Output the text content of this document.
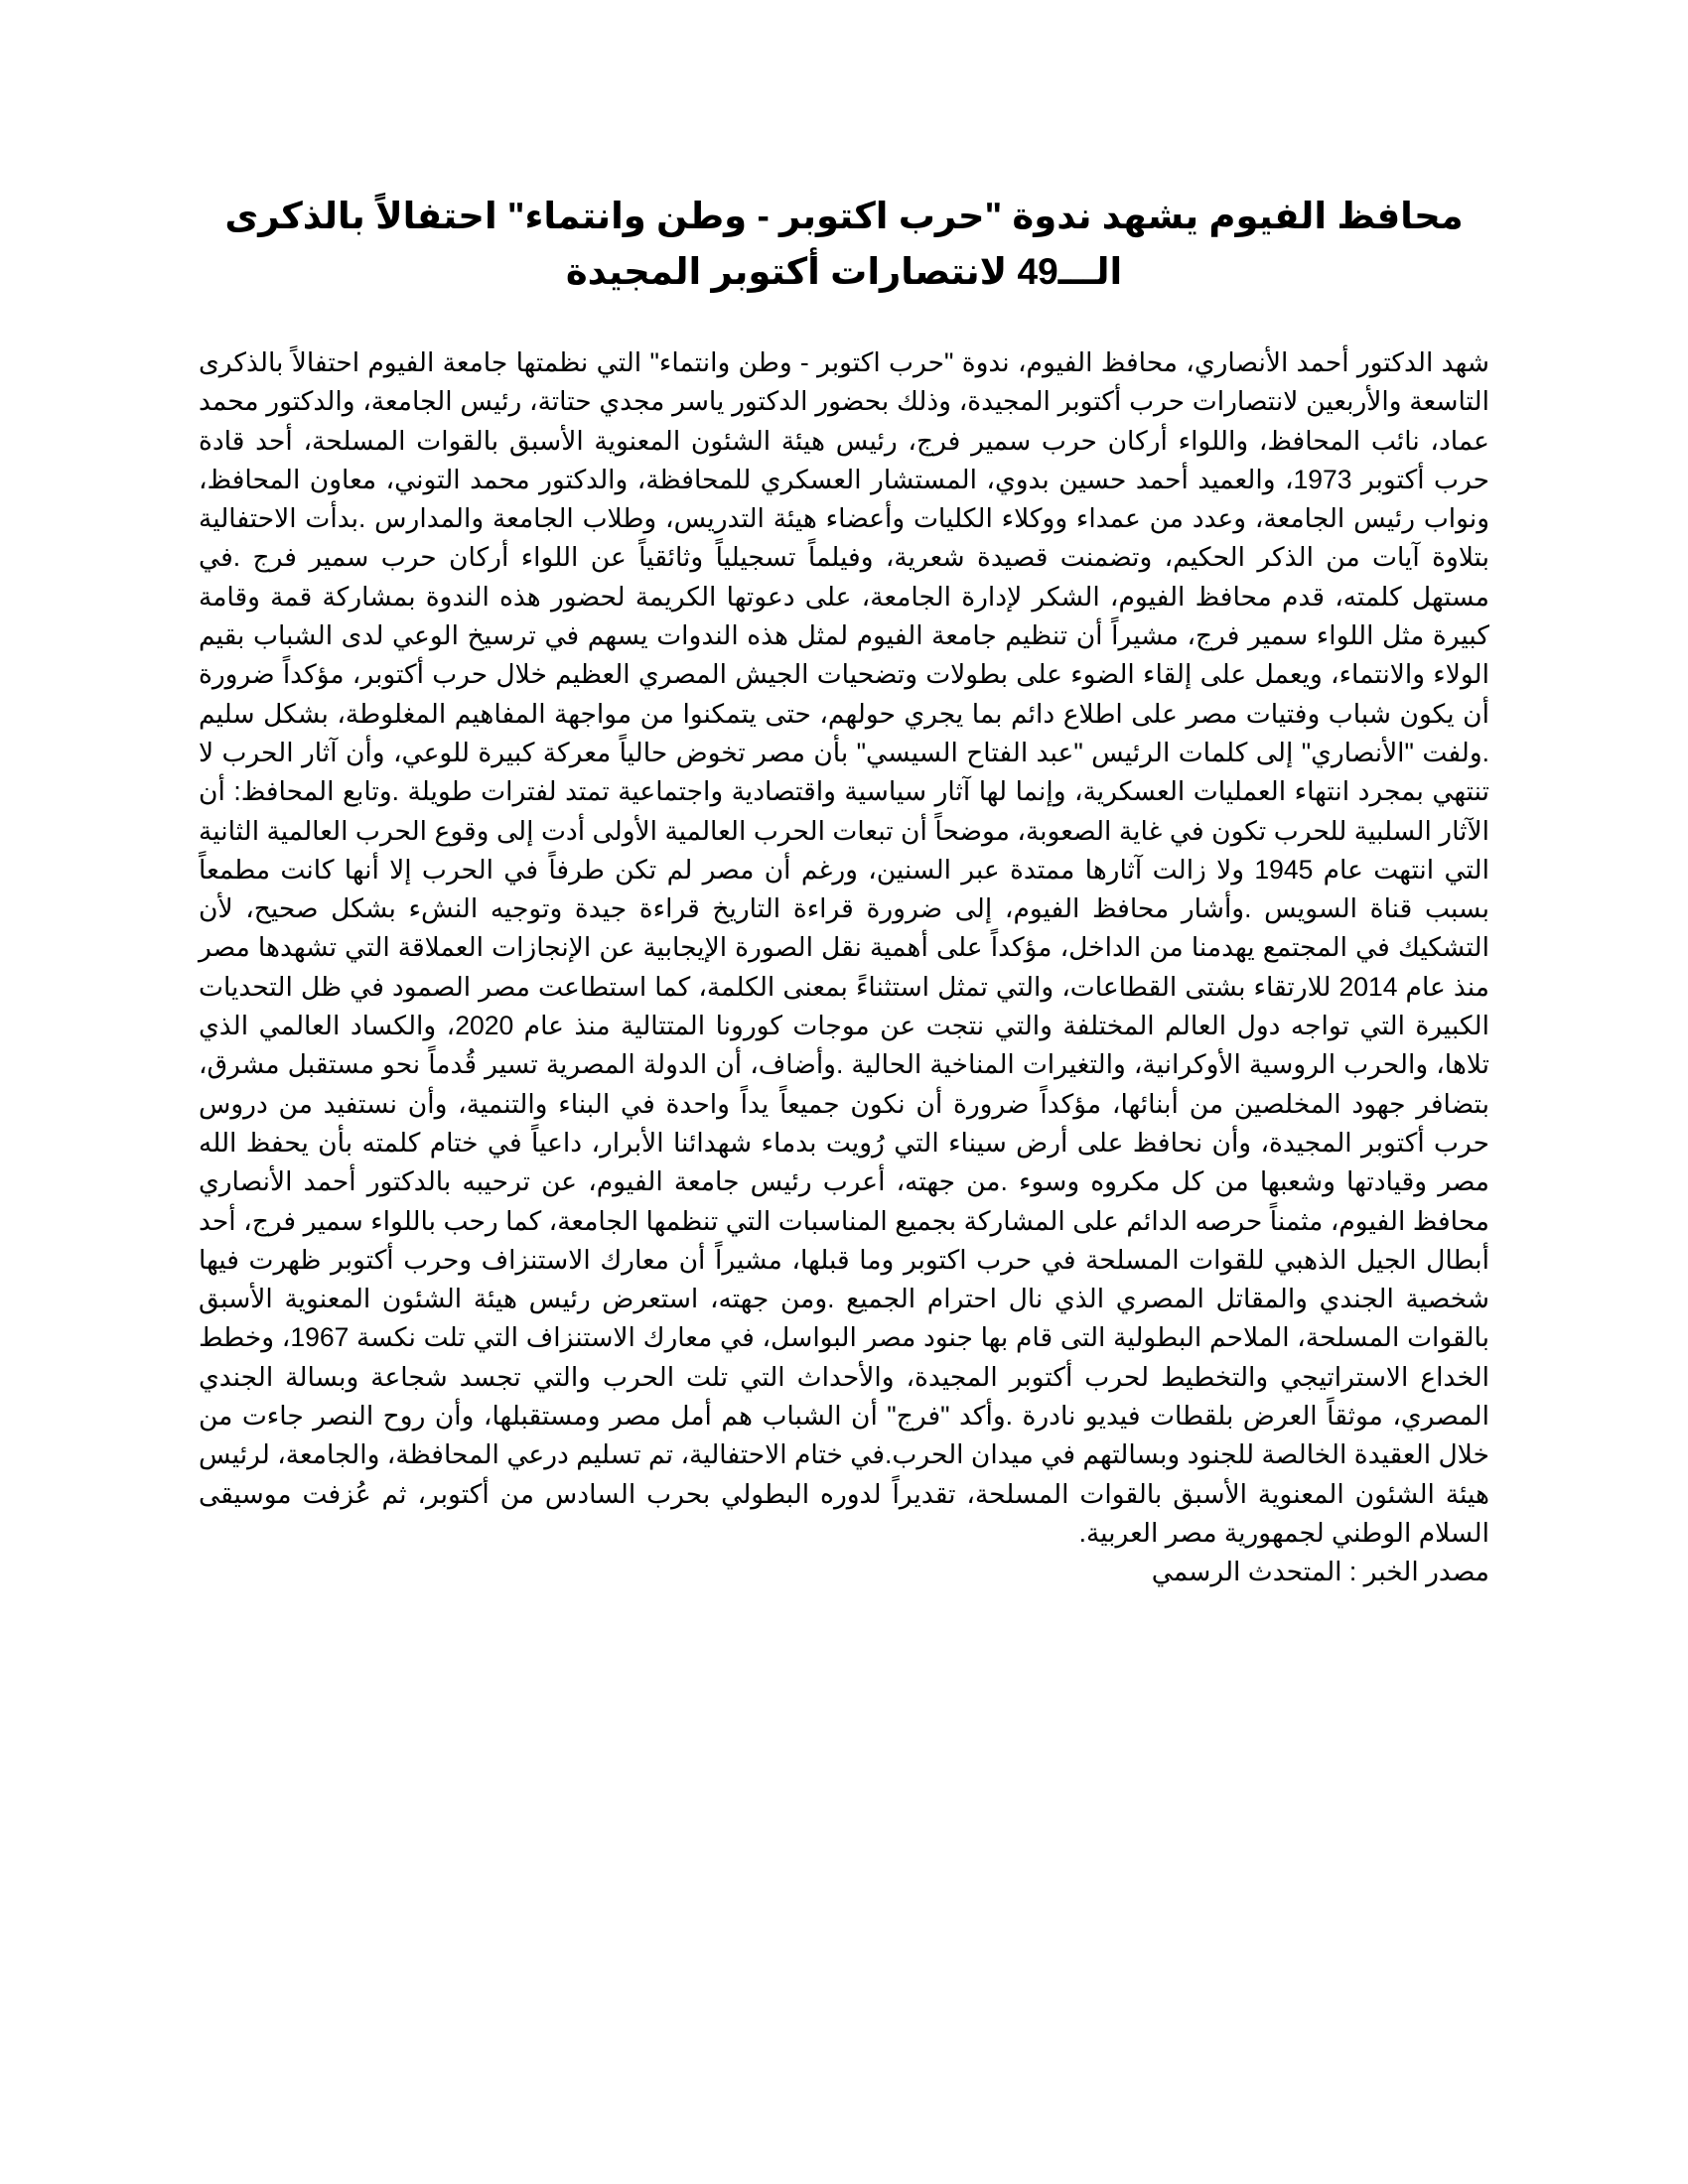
محافظ الفيوم يشهد ندوة "حرب اكتوبر - وطن وانتماء" احتفالاً بالذكرى الـــ49 لانتصارات أكتوبر المجيدة

شهد الدكتور أحمد الأنصاري، محافظ الفيوم، ندوة "حرب اكتوبر - وطن وانتماء" التي نظمتها جامعة الفيوم احتفالاً بالذكرى التاسعة والأربعين لانتصارات حرب أكتوبر المجيدة، وذلك بحضور الدكتور ياسر مجدي حتاتة، رئيس الجامعة، والدكتور محمد عماد، نائب المحافظ، واللواء أركان حرب سمير فرج، رئيس هيئة الشئون المعنوية الأسبق بالقوات المسلحة، أحد قادة حرب أكتوبر 1973، والعميد أحمد حسين بدوي، المستشار العسكري للمحافظة، والدكتور محمد التوني، معاون المحافظ، ونواب رئيس الجامعة، وعدد من عمداء ووكلاء الكليات وأعضاء هيئة التدريس، وطلاب الجامعة والمدارس .بدأت الاحتفالية بتلاوة آيات من الذكر الحكيم، وتضمنت قصيدة شعرية، وفيلماً تسجيلياً وثائقياً عن اللواء أركان حرب سمير فرج .في مستهل كلمته، قدم محافظ الفيوم، الشكر لإدارة الجامعة، على دعوتها الكريمة لحضور هذه الندوة بمشاركة قمة وقامة كبيرة مثل اللواء سمير فرج، مشيراً أن تنظيم جامعة الفيوم لمثل هذه الندوات يسهم في ترسيخ الوعي لدى الشباب بقيم الولاء والانتماء، ويعمل على إلقاء الضوء على بطولات وتضحيات الجيش المصري العظيم خلال حرب أكتوبر، مؤكداً ضرورة أن يكون شباب وفتيات مصر على اطلاع دائم بما يجري حولهم، حتى يتمكنوا من مواجهة المفاهيم المغلوطة، بشكل سليم .ولفت "الأنصاري" إلى كلمات الرئيس "عبد الفتاح السيسي" بأن مصر تخوض حالياً معركة كبيرة للوعي، وأن آثار الحرب لا تنتهي بمجرد انتهاء العمليات العسكرية، وإنما لها آثار سياسية واقتصادية واجتماعية تمتد لفترات طويلة .وتابع المحافظ: أن الآثار السلبية للحرب تكون في غاية الصعوبة، موضحاً أن تبعات الحرب العالمية الأولى أدت إلى وقوع الحرب العالمية الثانية التي انتهت عام 1945 ولا زالت آثارها ممتدة عبر السنين، ورغم أن مصر لم تكن طرفاً في الحرب إلا أنها كانت مطمعاً بسبب قناة السويس .وأشار محافظ الفيوم، إلى ضرورة قراءة التاريخ قراءة جيدة وتوجيه النشء بشكل صحيح، لأن التشكيك في المجتمع يهدمنا من الداخل، مؤكداً على أهمية نقل الصورة الإيجابية عن الإنجازات العملاقة التي تشهدها مصر منذ عام 2014 للارتقاء بشتى القطاعات، والتي تمثل استثناءً بمعنى الكلمة، كما استطاعت مصر الصمود في ظل التحديات الكبيرة التي تواجه دول العالم المختلفة والتي نتجت عن موجات كورونا المتتالية منذ عام 2020، والكساد العالمي الذي تلاها، والحرب الروسية الأوكرانية، والتغيرات المناخية الحالية .وأضاف، أن الدولة المصرية تسير قُدماً نحو مستقبل مشرق، بتضافر جهود المخلصين من أبنائها، مؤكداً ضرورة أن نكون جميعاً يداً واحدة في البناء والتنمية، وأن نستفيد من دروس حرب أكتوبر المجيدة، وأن نحافظ على أرض سيناء التي رُويت بدماء شهدائنا الأبرار، داعياً في ختام كلمته بأن يحفظ الله مصر وقيادتها وشعبها من كل مكروه وسوء .من جهته، أعرب رئيس جامعة الفيوم، عن ترحيبه بالدكتور أحمد الأنصاري محافظ الفيوم، مثمناً حرصه الدائم على المشاركة بجميع المناسبات التي تنظمها الجامعة، كما رحب باللواء سمير فرج، أحد أبطال الجيل الذهبي للقوات المسلحة في حرب اكتوبر وما قبلها، مشيراً أن معارك الاستنزاف وحرب أكتوبر ظهرت فيها شخصية الجندي والمقاتل المصري الذي نال احترام الجميع .ومن جهته، استعرض رئيس هيئة الشئون المعنوية الأسبق بالقوات المسلحة، الملاحم البطولية التى قام بها جنود مصر البواسل، في معارك الاستنزاف التي تلت نكسة 1967، وخطط الخداع الاستراتيجي والتخطيط لحرب أكتوبر المجيدة، والأحداث التي تلت الحرب والتي تجسد شجاعة وبسالة الجندي المصري، موثقاً العرض بلقطات فيديو نادرة .وأكد "فرج" أن الشباب هم أمل مصر ومستقبلها، وأن روح النصر جاءت من خلال العقيدة الخالصة للجنود وبسالتهم في ميدان الحرب.في ختام الاحتفالية، تم تسليم درعي المحافظة، والجامعة، لرئيس هيئة الشئون المعنوية الأسبق بالقوات المسلحة، تقديراً لدوره البطولي بحرب السادس من أكتوبر، ثم عُزفت موسيقى السلام الوطني لجمهورية مصر العربية.

مصدر الخبر : المتحدث الرسمي
